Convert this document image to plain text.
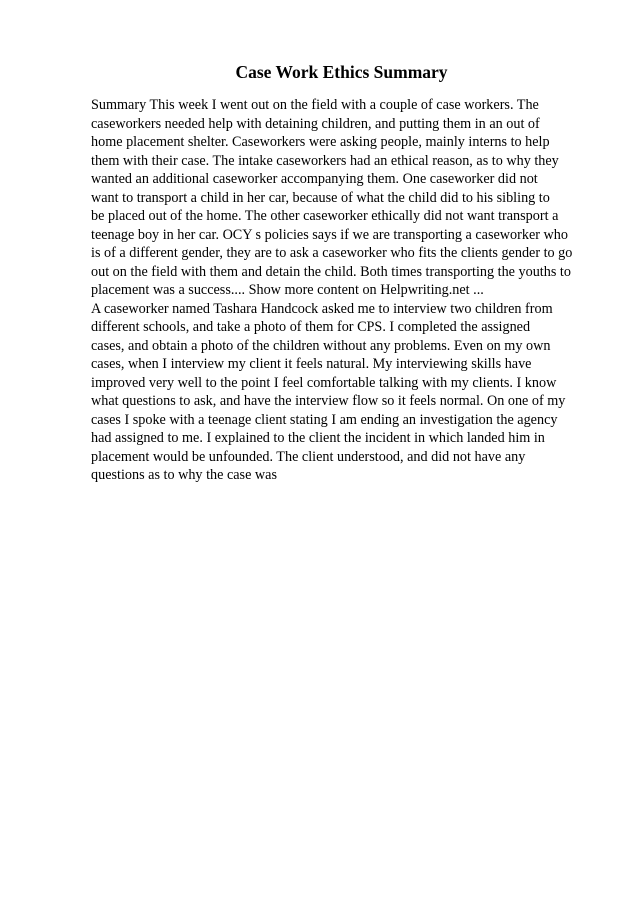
Case Work Ethics Summary
Summary This week I went out on the field with a couple of case workers. The
caseworkers needed help with detaining children, and putting them in an out of
home placement shelter. Caseworkers were asking people, mainly interns to help
them with their case. The intake caseworkers had an ethical reason, as to why they
wanted an additional caseworker accompanying them. One caseworker did not
want to transport a child in her car, because of what the child did to his sibling to
be placed out of the home. The other caseworker ethically did not want transport a
teenage boy in her car. OCY s policies says if we are transporting a caseworker who
is of a different gender, they are to ask a caseworker who fits the clients gender to go
out on the field with them and detain the child. Both times transporting the youths to
placement was a success.... Show more content on Helpwriting.net ...
A caseworker named Tashara Handcock asked me to interview two children from
different schools, and take a photo of them for CPS. I completed the assigned
cases, and obtain a photo of the children without any problems. Even on my own
cases, when I interview my client it feels natural. My interviewing skills have
improved very well to the point I feel comfortable talking with my clients. I know
what questions to ask, and have the interview flow so it feels normal. On one of my
cases I spoke with a teenage client stating I am ending an investigation the agency
had assigned to me. I explained to the client the incident in which landed him in
placement would be unfounded. The client understood, and did not have any
questions as to why the case was
